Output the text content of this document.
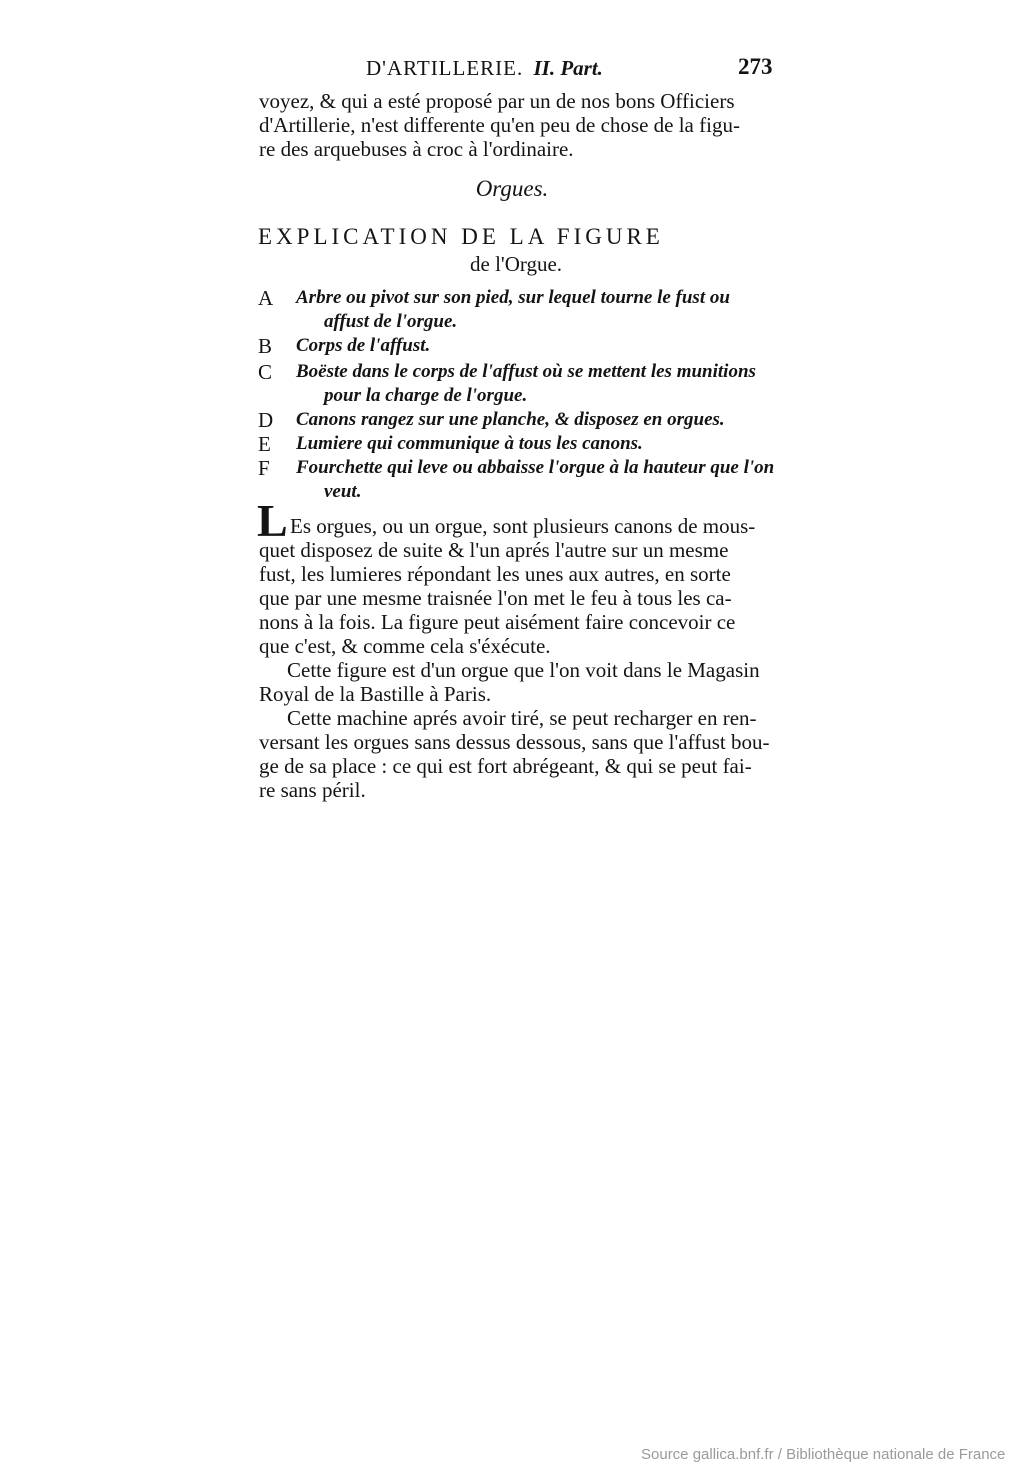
D'ARTILLERIE. II. Part.	273
voyez, & qui a esté proposé par un de nos bons Officiers
d'Artillerie, n'est differente qu'en peu de chose de la figu-
re des arquebuses à croc à l'ordinaire.
Orgues.
EXPLICATION DE LA FIGURE
de l'Orgue.
A Arbre ou pivot sur son pied, sur lequel tourne le fust ou
affust de l'orgue.
B Corps de l'affust.
C Boëste dans le corps de l'affust où se mettent les munitions
pour la charge de l'orgue.
D Canons rangez sur une planche, & disposez en orgues.
E Lumiere qui communique à tous les canons.
F Fourchette qui leve ou abbaisse l'orgue à la hauteur que l'on
veut.
L Es orgues, ou un orgue, sont plusieurs canons de mous-
quet disposez de suite & l'un aprés l'autre sur un mesme
fust, les lumieres répondant les unes aux autres, en sorte
que par une mesme traisnée l'on met le feu à tous les ca-
nons à la fois. La figure peut aisément faire concevoir ce
que c'est, & comme cela s'éxécute.
Cette figure est d'un orgue que l'on voit dans le Magasin
Royal de la Bastille à Paris.
Cette machine aprés avoir tiré, se peut recharger en ren-
versant les orgues sans dessus dessous, sans que l'affust bou-
ge de sa place : ce qui est fort abrégeant, & qui se peut fai-
re sans péril.
Source gallica.bnf.fr / Bibliothèque nationale de France
